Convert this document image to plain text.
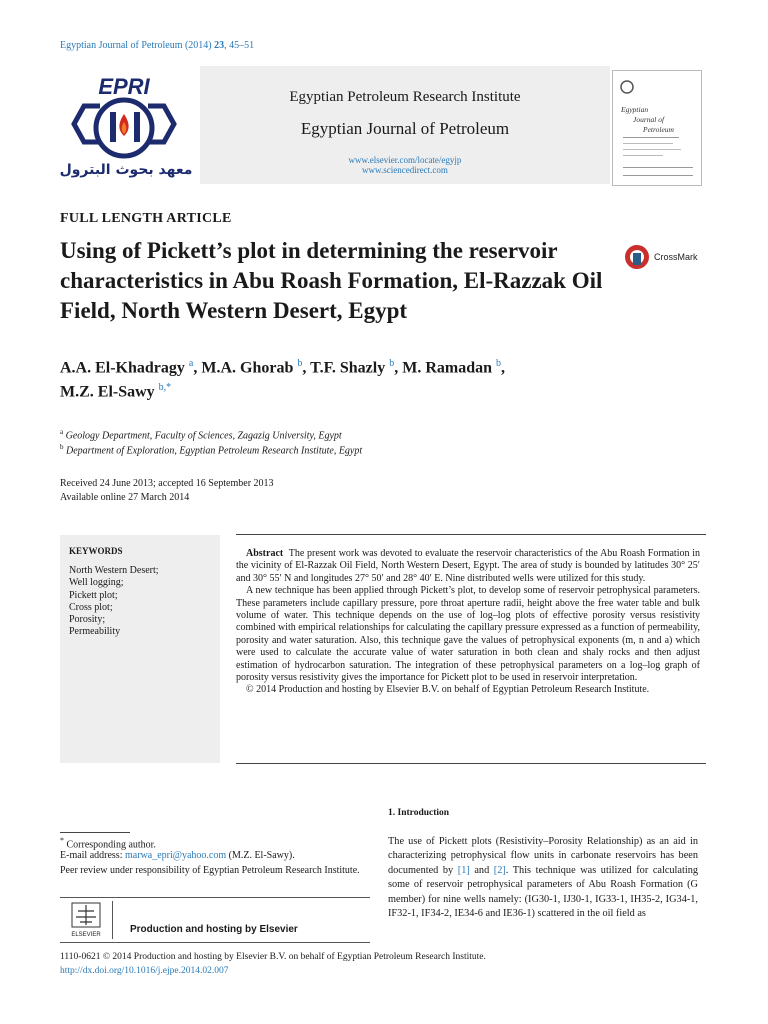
Egyptian Journal of Petroleum (2014) 23, 45–51
EPRI
معهد بحوث البترول
Egyptian Petroleum Research Institute
Egyptian Journal of Petroleum
www.elsevier.com/locate/egyjp
www.sciencedirect.com
Egyptian
Journal of
Petroleum
FULL LENGTH ARTICLE
Using of Pickett’s plot in determining the reservoir characteristics in Abu Roash Formation, El-Razzak Oil Field, North Western Desert, Egypt
CrossMark
A.A. El-Khadragy $^a$, M.A. Ghorab $^b$, T.F. Shazly $^b$, M. Ramadan $^b$,
M.Z. El-Sawy $^{b,*}$
$^a$ Geology Department, Faculty of Sciences, Zagazig University, Egypt
$^b$ Department of Exploration, Egyptian Petroleum Research Institute, Egypt
Received 24 June 2013; accepted 16 September 2013
Available online 27 March 2014
KEYWORDS
North Western Desert;
Well logging;
Pickett plot;
Cross plot;
Porosity;
Permeability

Abstract The present work was devoted to evaluate the reservoir characteristics of the Abu Roash Formation in the vicinity of El-Razzak Oil Field, North Western Desert, Egypt. The area of study is bounded by latitudes 30° 25′ and 30° 55′ N and longitudes 27° 50′ and 28° 40′ E. Nine distributed wells were utilized for this study.

A new technique has been applied through Pickett’s plot, to develop some of reservoir petrophysical parameters. These parameters include capillary pressure, pore throat aperture radii, height above the free water table and bulk volume of water. This technique depends on the use of log–log plots of effective porosity versus resistivity combined with empirical relationships for calculating the capillary pressure expressed as a function of permeability, porosity and water saturation. Also, this technique gave the values of petrophysical exponents (m, n and a) which were used to calculate the accurate value of water saturation in both clean and shaly rocks and then adjust estimation of hydrocarbon saturation. The integration of these petrophysical parameters on a log–log graph of porosity versus resistivity gives the importance for Pickett plot to be used in reservoir interpretation.

© 2014 Production and hosting by Elsevier B.V. on behalf of Egyptian Petroleum Research Institute.

1. Introduction
The use of Pickett plots (Resistivity–Porosity Relationship) as an aid in characterizing petrophysical flow units in carbonate reservoirs has been documented by [1] and [2]. This technique was utilized for calculating some of reservoir petrophysical parameters of Abu Roash Formation (G member) for nine wells namely: (IG30-1, IJ30-1, IG33-1, IH35-2, IG34-1, IF32-1, IF34-2, IE34-6 and IE36-1) scattered in the oil field as
* Corresponding author.
E-mail address: marwa_epri@yahoo.com (M.Z. El-Sawy).
Peer review under responsibility of Egyptian Petroleum Research Institute.
ELSEVIER	Production and hosting by Elsevier
1110-0621 © 2014 Production and hosting by Elsevier B.V. on behalf of Egyptian Petroleum Research Institute.
http://dx.doi.org/10.1016/j.ejpe.2014.02.007
